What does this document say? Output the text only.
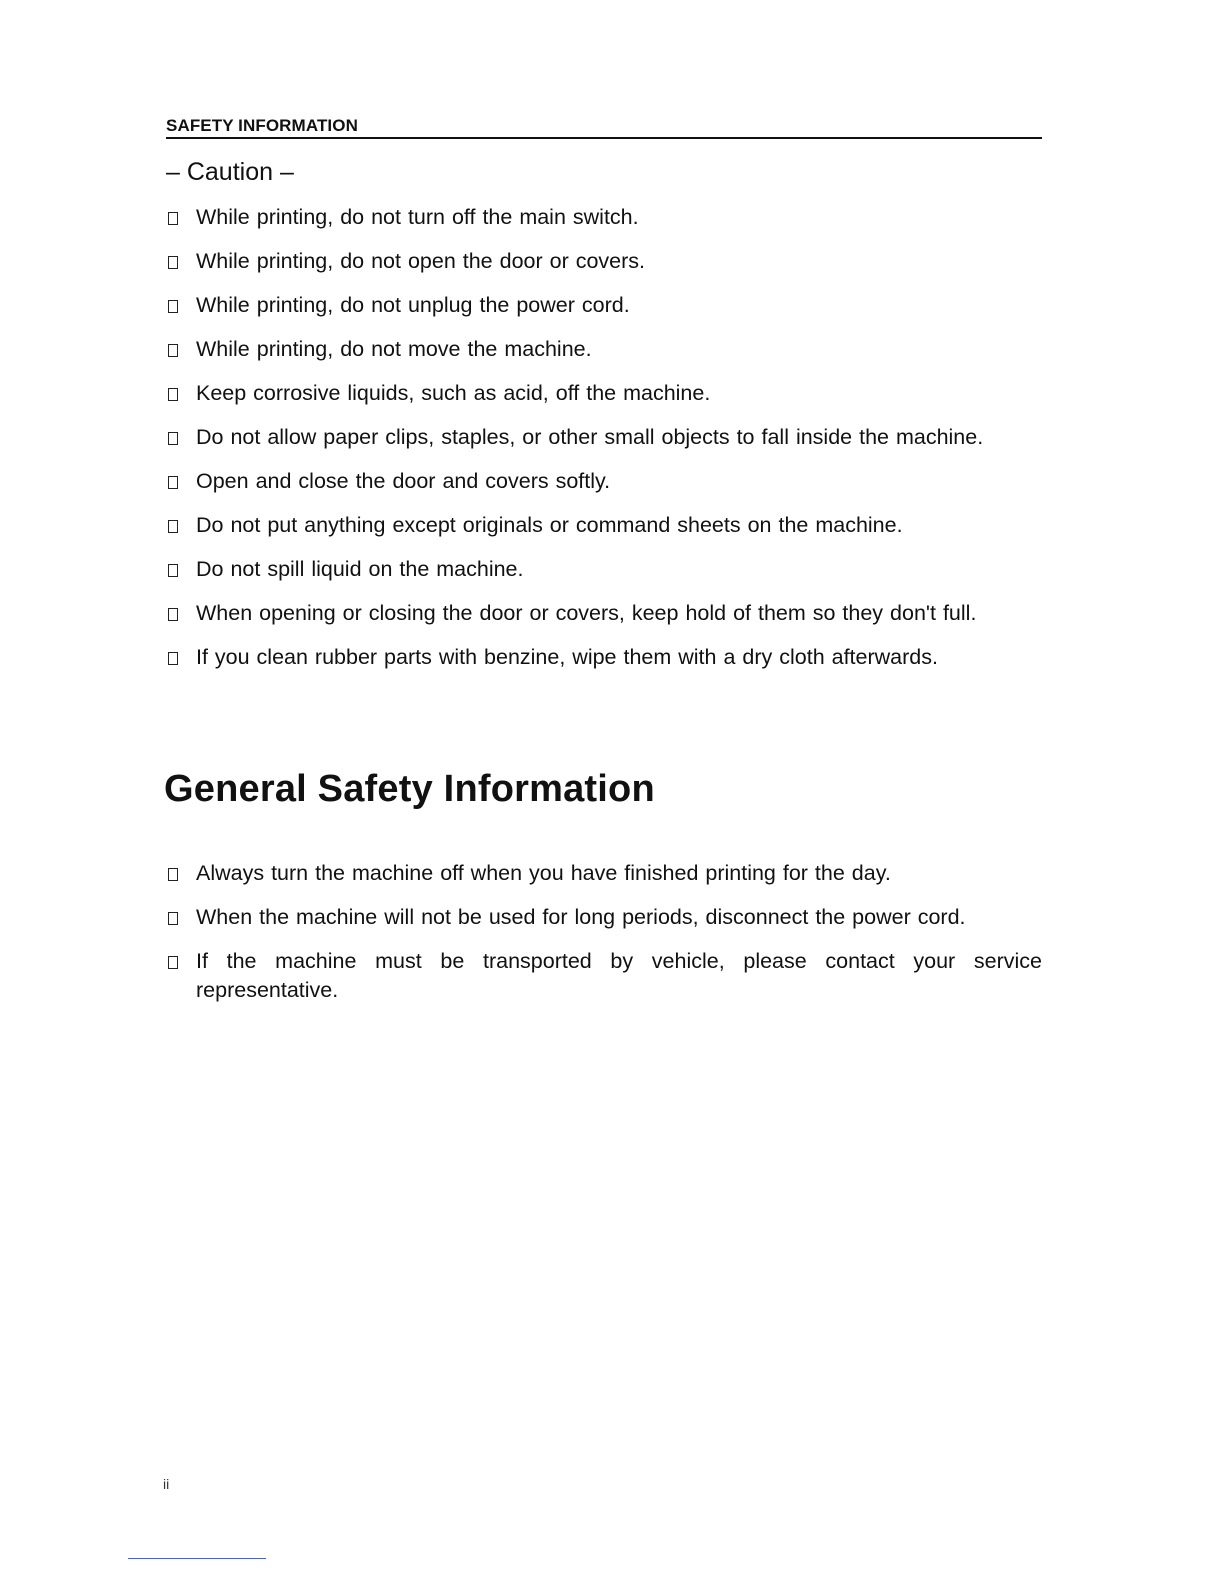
SAFETY INFORMATION
– Caution –
While printing, do not turn off the main switch.
While printing, do not open the door or covers.
While printing, do not unplug the power cord.
While printing, do not move the machine.
Keep corrosive liquids, such as acid, off the machine.
Do not allow paper clips, staples, or other small objects to fall inside the machine.
Open and close the door and covers softly.
Do not put anything except originals or command sheets on the machine.
Do not spill liquid on the machine.
When opening or closing the door or covers, keep hold of them so they don't full.
If you clean rubber parts with benzine, wipe them with a dry cloth afterwards.
General Safety Information
Always turn the machine off when you have finished printing for the day.
When the machine will not be used for long periods, disconnect the power cord.
If the machine must be transported by vehicle, please contact your service representative.
ii
